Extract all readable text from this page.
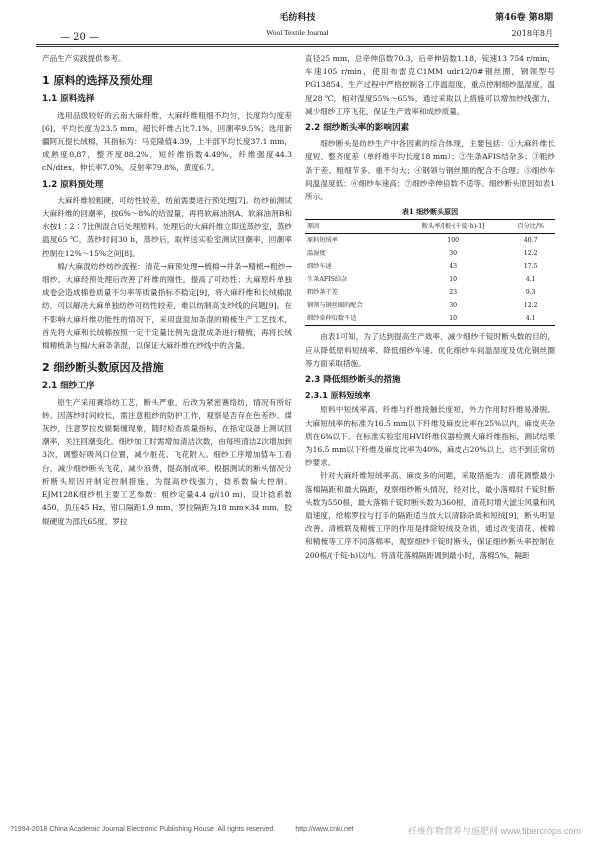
— 20 —
毛纺科技
Wool Textile Journal
第46卷 第8期
2018年8月

产品生产实践提供参考。

1 原料的选择及预处理
1.1 原料选择

选用品级较好的云南大麻纤维，大麻纤维粗细不均匀，长度均匀度差[6]，平均长度为23.5 mm，超长纤维占比7.1%，回潮率9.5%；选用新疆阿瓦提长绒棉，其指标为：马克隆值4.39，上半部平均长度37.1 mm，成熟度0.87，整齐度88.2%，短纤维指数4.49%，纤维强度44.3 cN/dtex，伸长率7.0%，反射率79.8%，黄度6.7。

1.2 原料预处理

大麻纤维较粗硬，可纺性较差，纺前需要进行预处理[7]。纺纱前测试大麻纤维的回潮率，按6%～8%的给湿量，再将软麻油剂A、软麻油剂B和水按1∶2∶7比例混合后处理原料。处理后的大麻纤维立即送蒸纱室，蒸纱温度65 ℃，蒸纱时间30 h，蒸纱后，取样送实验室测试回潮率，回潮率控制在12%～15%之间[8]。

棉/大麻混纺纱纺纱流程：清花→麻预处理→梳棉→并条→精梳→粗纱→细纱。大麻经预处理后改善了纤维的刚性，提高了可纺性；大麻原纤单独成卷会造成棉卷质量不匀率等质量指标不稳定[9]，将大麻纤维和长绒棉混纺，可以解决大麻单独纺纱可纺性较差，难以纺制高支纱线的问题[9]。在不影响大麻纤维功能性的情况下，采用盘混加条混的精梳生产工艺技术，首先将大麻和长绒棉按照一定干定量比例先盘混成条进行精梳，再将长绒棉精梳条与棉/大麻条条混，以保证大麻纤维在纱线中的含量。

2 细纱断头数原因及措施
2.1 细纱工序

原生产采用赛络纺工艺，断头严重，后改为紧密赛络纺，情况有所好转。因落纱时间较长，需注意粗纱的防护工作，观察是否存在色差纱、煤灰纱，注意罗拉皮辊黏缠现象，随时检查质量指标，在指定设备上测试回潮率，关注回潮变化。细纱加工时需增加清洁次数，由每班清洁2次增加到3次，调整好吸风口位置，减少脏花、飞花附入。细纱工序增加值车工看台，减少细纱断头飞花，减少浪费，提高制成率。根据测试的断头情况分析断头原因并制定控制措施，为提高纱线强力，捻系数偏大控制。EJM128K细纱机主要工艺参数：粗纱定量4.4 g/(10 m)，设计捻系数450，负压45 Hz，钳口隔距1.9 mm，罗拉隔距为18 mm×34 mm，胶辊硬度为邵氏65度，罗拉

直径25 mm，总牵伸倍数70.3，后牵伸倍数1.18，锭速13 754 r/min，车速105 r/min，使用布雷克C1MM udr12/0#钢丝圈，钢领型号PG13854。生产过程中严格控制各工序温湿度，重点控制细纱温湿度，温度28 ℃，相对湿度55%～65%，通过采取以上措施可以增加纱线强力，减少细纱工序飞花，保证生产效率和成纱质量。

2.2 细纱断头率的影响因素

细纱断头是纺纱生产中各因素的综合体现，主要包括：①大麻纤维长度短、整齐度差（单纤维平均长度18 mm）；②生条AFIS结杂多；③粗纱条干差、粗细节多、重不匀大；④钢领与钢丝圈的配合不合理；⑤细纱车间温湿度低；⑥细纱车速高；⑦细纱牵伸倍数不适等。细纱断头原因如表1所示。

表1 细纱断头原因
原因	断头率/[根·(千锭·h)-1]	百分比/%
原料短绒率	100	40.7
温湿度	30	12.2
细纱车速	43	17.5
生条AFIS结杂	10	4.1
粗纱条干差	23	9.3
钢领与钢丝圈的配合	30	12.2
细纱牵伸倍数不适	10	4.1

由表1可知，为了达到提高生产效率、减少细纱千锭时断头数的目的，应从降低原料短绒率、降低细纱车速、优化细纱车间温湿度及优化钢丝圈等方面采取措施。

2.3 降低细纱断头的措施
2.3.1 原料短绒率

原料中短绒率高，纤维与纤维接触长度短，外力作用时纤维易滑脱。大麻短绒率的标准为16.5 mm以下纤维及麻皮比率在25%以内，麻皮夹杂质在6%以下。在标准实验室用HVI纤维仪器检测大麻纤维指标，测试结果为16.5 mm以下纤维及麻皮比率为40%，麻皮占20%以上，达不到正常纺纱要求。

针对大麻纤维短绒率高、麻皮多的问题，采取措施为：清花调整最小落棉隔距和最大隔距，观察细纱断头情况，经对比，最小落棉时千锭时断头数为550根，最大落棉千锭时断头数为360根，清花时增大滤尘风量和风扇速度，给棉罗拉与打手的隔距适当放大以清除杂质和短绒[9]，断头明显改善。清梳联及精梳工序的作用是排除短绒及杂质，通过改变清花、梳棉和精梳等工序不同落棉率，观察细纱千锭时断头，保证细纱断头率控制在200根/(千锭·h)以内。将清花落棉隔距调到最小时，落棉5%，隔距

?1994-2018 China Academic Journal Electronic Publishing House. All rights reserved.	http://www.cnki.net	纤维作物营养与施肥网 www.fibercrops.com
